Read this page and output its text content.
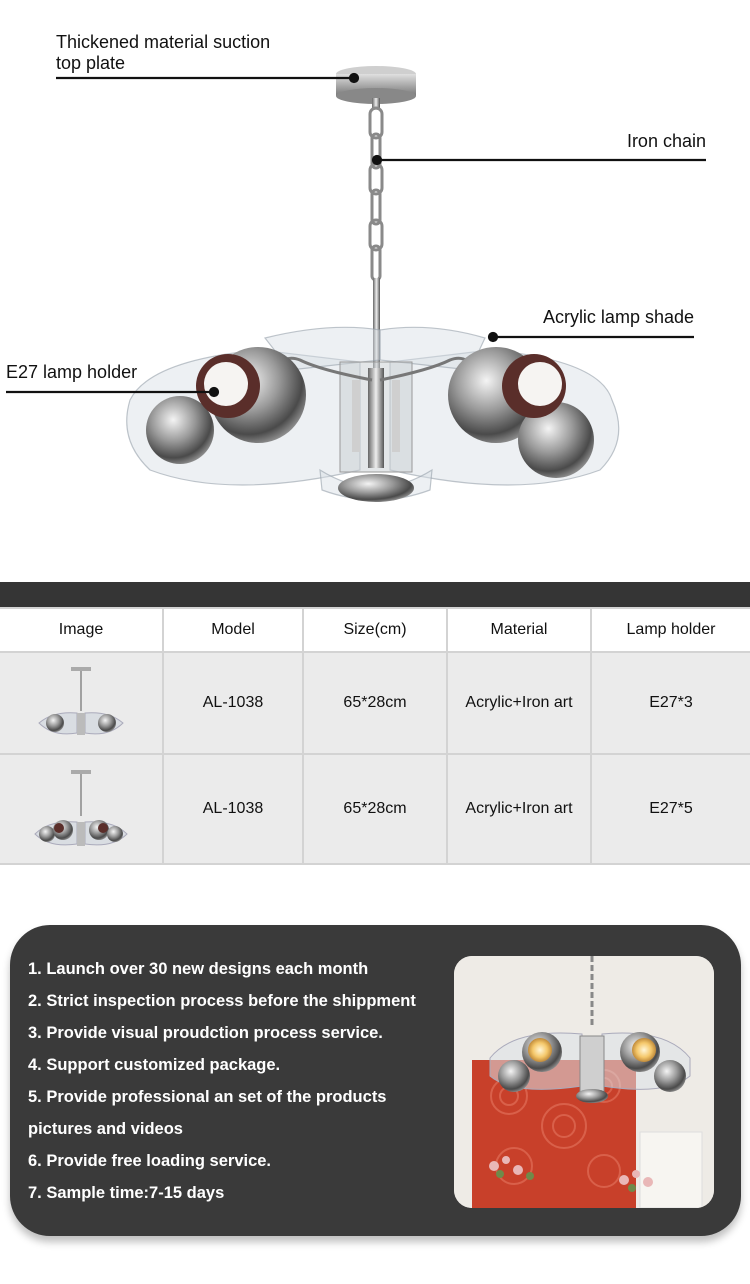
Thickened material suction
top plate
Iron chain
Acrylic lamp shade
E27 lamp holder
Image	Model	Size(cm)	Material	Lamp holder

	AL-1038	65*28cm	Acrylic+Iron art	E27*3

	AL-1038	65*28cm	Acrylic+Iron art	E27*5
1. Launch over 30 new designs each month
2. Strict inspection process before the shippment
3. Provide visual proudction process service.
4. Support customized package.
5. Provide professional an set of the products
pictures and videos
6. Provide free loading service.
7. Sample time:7-15 days
